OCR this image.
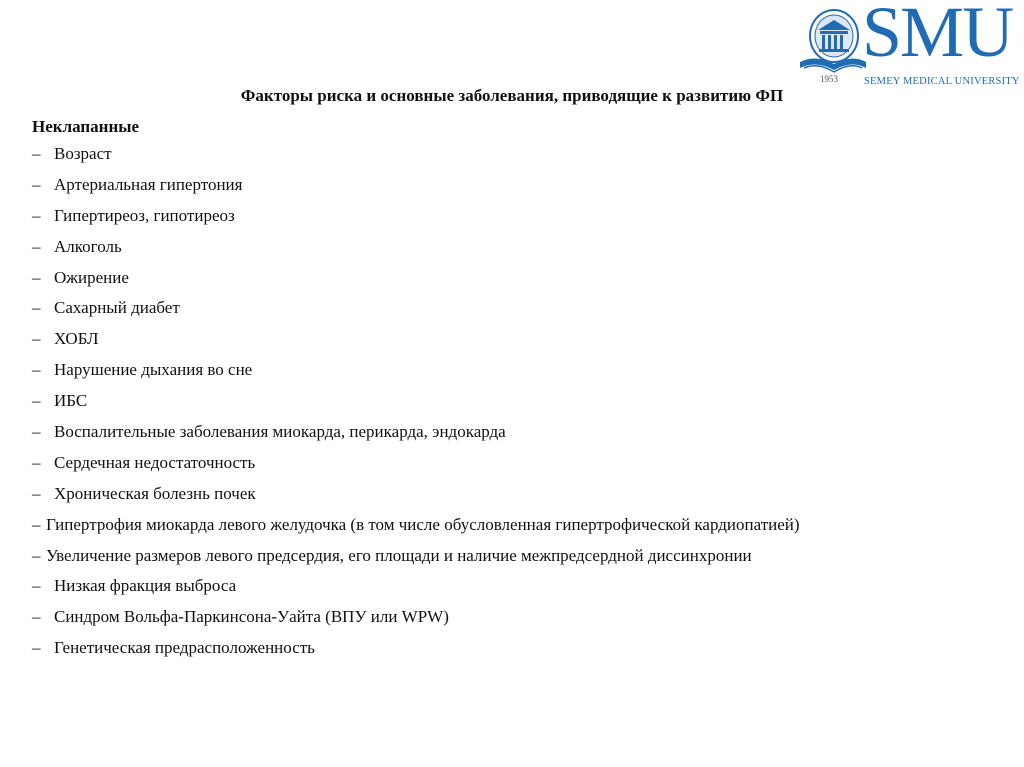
SMU
1953 SEMEY MEDICAL UNIVERSITY
Факторы риска и основные заболевания, приводящие к развитию ФП
Неклапанные
– Возраст
– Артериальная гипертония
– Гипертиреоз, гипотиреоз
– Алкоголь
– Ожирение
– Сахарный диабет
– ХОБЛ
– Нарушение дыхания во сне
– ИБС
– Воспалительные заболевания миокарда, перикарда, эндокарда
– Сердечная недостаточность
– Хроническая болезнь почек
– Гипертрофия миокарда левого желудочка (в том числе обусловленная гипертрофической кардиопатией)
– Увеличение размеров левого предсердия, его площади и наличие межпредсердной диссинхронии
– Низкая фракция выброса
– Синдром Вольфа-Паркинсона-Уайта (ВПУ или WPW)
– Генетическая предрасположенность
